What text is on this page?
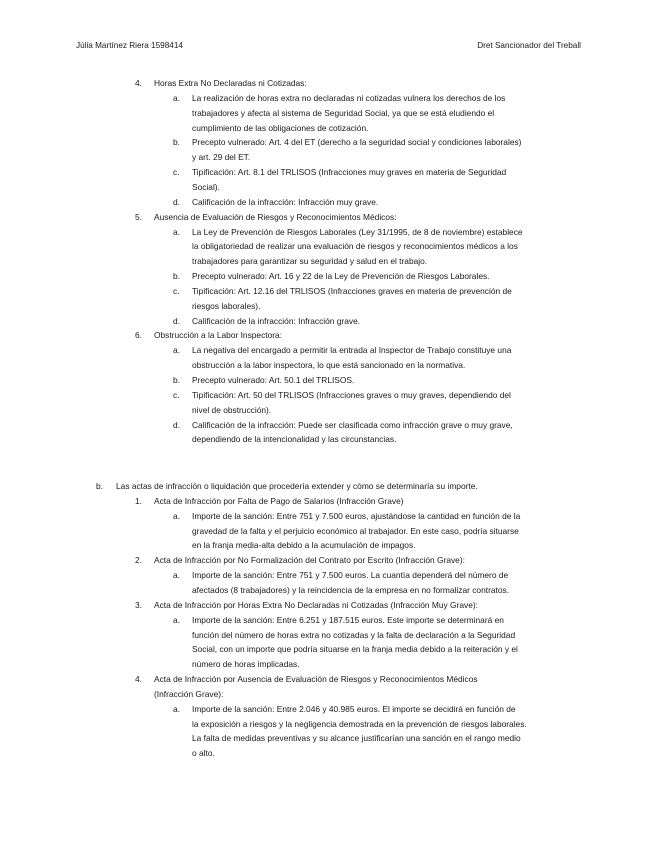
Júlia Martínez Riera 1598414	Dret Sancionador del Treball
4. Horas Extra No Declaradas ni Cotizadas:
a. La realización de horas extra no declaradas ni cotizadas vulnera los derechos de los
trabajadores y afecta al sistema de Seguridad Social, ya que se está eludiendo el
cumplimiento de las obligaciones de cotización.
b. Precepto vulnerado: Art. 4 del ET (derecho a la seguridad social y condiciones laborales)
y art. 29 del ET.
c. Tipificación: Art. 8.1 del TRLISOS (Infracciones muy graves en materia de Seguridad
Social).
d. Calificación de la infracción: Infracción muy grave.
5. Ausencia de Evaluación de Riesgos y Reconocimientos Médicos:
a. La Ley de Prevención de Riesgos Laborales (Ley 31/1995, de 8 de noviembre) establece
la obligatoriedad de realizar una evaluación de riesgos y reconocimientos médicos a los
trabajadores para garantizar su seguridad y salud en el trabajo.
b. Precepto vulnerado: Art. 16 y 22 de la Ley de Prevención de Riesgos Laborales.
c. Tipificación: Art. 12.16 del TRLISOS (Infracciones graves en materia de prevención de
riesgos laborales).
d. Calificación de la infracción: Infracción grave.
6. Obstrucción a la Labor Inspectora:
a. La negativa del encargado a permitir la entrada al Inspector de Trabajo constituye una
obstrucción a la labor inspectora, lo que está sancionado en la normativa.
b. Precepto vulnerado: Art. 50.1 del TRLISOS.
c. Tipificación: Art. 50 del TRLISOS (Infracciones graves o muy graves, dependiendo del
nivel de obstrucción).
d. Calificación de la infracción: Puede ser clasificada como infracción grave o muy grave,
dependiendo de la intencionalidad y las circunstancias.
b. Las actas de infracción o liquidación que procedería extender y cómo se determinaría su importe.
1. Acta de Infracción por Falta de Pago de Salarios (Infracción Grave)
a. Importe de la sanción: Entre 751 y 7.500 euros, ajustándose la cantidad en función de la
gravedad de la falta y el perjuicio económico al trabajador. En este caso, podría situarse
en la franja media-alta debido a la acumulación de impagos.
2. Acta de Infracción por No Formalización del Contrato por Escrito (Infracción Grave):
a. Importe de la sanción: Entre 751 y 7.500 euros. La cuantía dependerá del número de
afectados (8 trabajadores) y la reincidencia de la empresa en no formalizar contratos.
3. Acta de Infracción por Horas Extra No Declaradas ni Cotizadas (Infracción Muy Grave):
a. Importe de la sanción: Entre 6.251 y 187.515 euros. Este importe se determinará en
función del número de horas extra no cotizadas y la falta de declaración a la Seguridad
Social, con un importe que podría situarse en la franja media debido a la reiteración y el
número de horas implicadas.
4. Acta de Infracción por Ausencia de Evaluación de Riesgos y Reconocimientos Médicos
(Infracción Grave):
a. Importe de la sanción: Entre 2.046 y 40.985 euros. El importe se decidirá en función de
la exposición a riesgos y la negligencia demostrada en la prevención de riesgos laborales.
La falta de medidas preventivas y su alcance justificarían una sanción en el rango medio
o alto.
